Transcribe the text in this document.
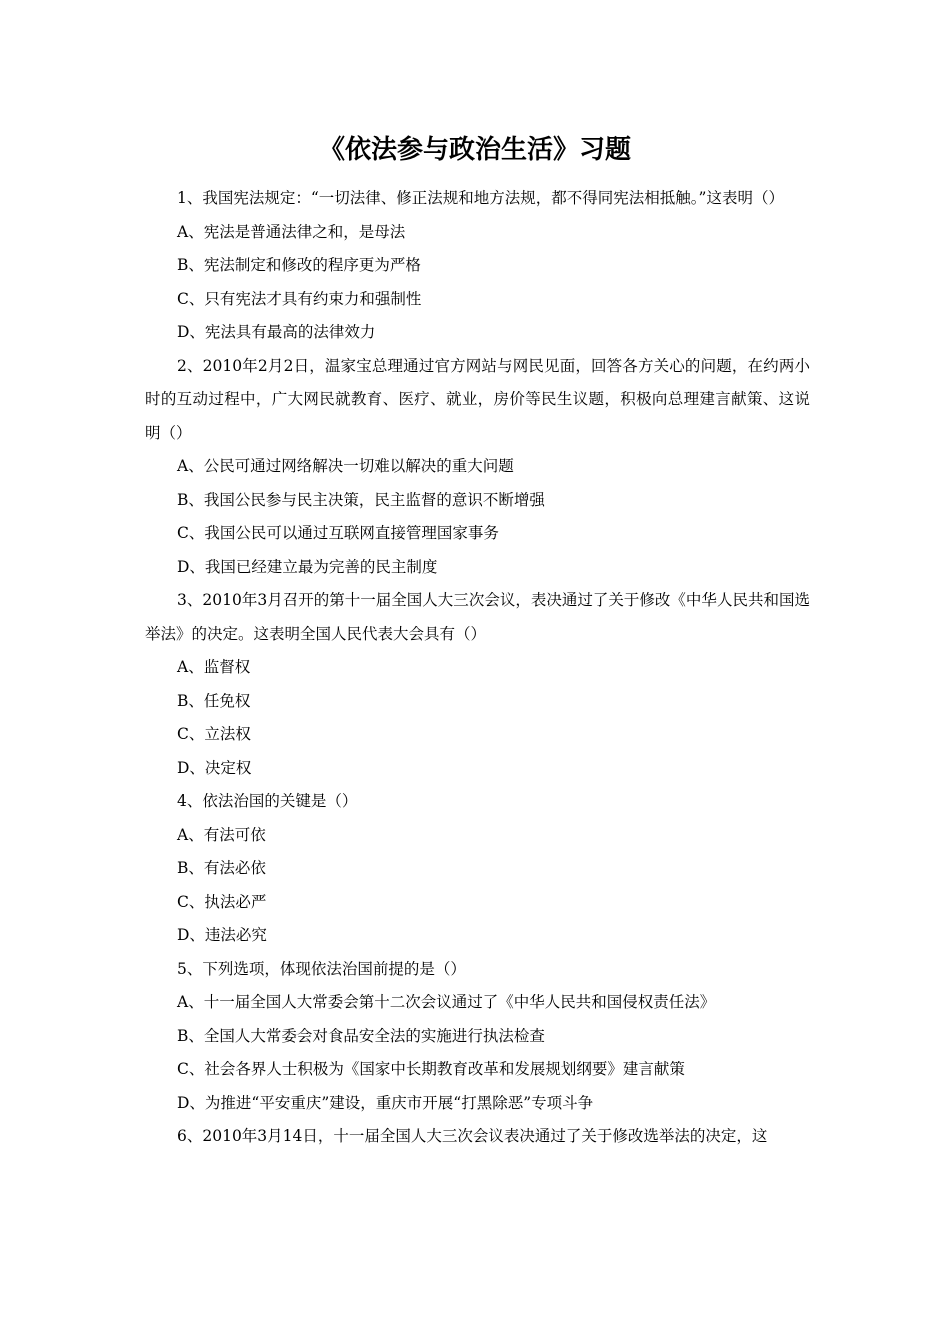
《依法参与政治生活》习题

1、我国宪法规定：“一切法律、修正法规和地方法规，都不得同宪法相抵触。”这表明（）

A、宪法是普通法律之和，是母法

B、宪法制定和修改的程序更为严格

C、只有宪法才具有约束力和强制性

D、宪法具有最高的法律效力

2、2010年2月2日，温家宝总理通过官方网站与网民见面，回答各方关心的问题，在约两小时的互动过程中，广大网民就教育、医疗、就业，房价等民生议题，积极向总理建言献策、这说明（）

A、公民可通过网络解决一切难以解决的重大问题

B、我国公民参与民主决策，民主监督的意识不断增强

C、我国公民可以通过互联网直接管理国家事务

D、我国已经建立最为完善的民主制度

3、2010年3月召开的第十一届全国人大三次会议，表决通过了关于修改《中华人民共和国选举法》的决定。这表明全国人民代表大会具有（）

A、监督权

B、任免权

C、立法权

D、决定权

4、依法治国的关键是（）

A、有法可依

B、有法必依

C、执法必严

D、违法必究

5、下列选项，体现依法治国前提的是（）

A、十一届全国人大常委会第十二次会议通过了《中华人民共和国侵权责任法》

B、全国人大常委会对食品安全法的实施进行执法检查

C、社会各界人士积极为《国家中长期教育改革和发展规划纲要》建言献策

D、为推进“平安重庆”建设，重庆市开展“打黑除恶”专项斗争

6、2010年3月14日，十一届全国人大三次会议表决通过了关于修改选举法的决定，这
